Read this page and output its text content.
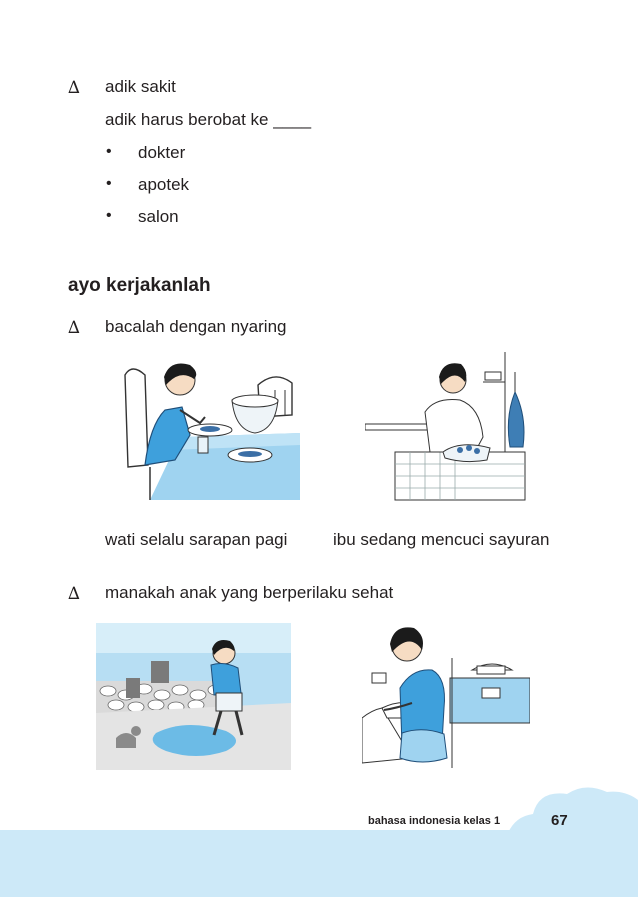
∆ adik sakit
adik harus berobat ke ____
• dokter
• apotek
• salon
ayo kerjakanlah
∆ bacalah dengan nyaring
wati selalu sarapan pagi	ibu sedang mencuci sayuran
∆ manakah anak yang berperilaku sehat
bahasa indonesia kelas 1	67
